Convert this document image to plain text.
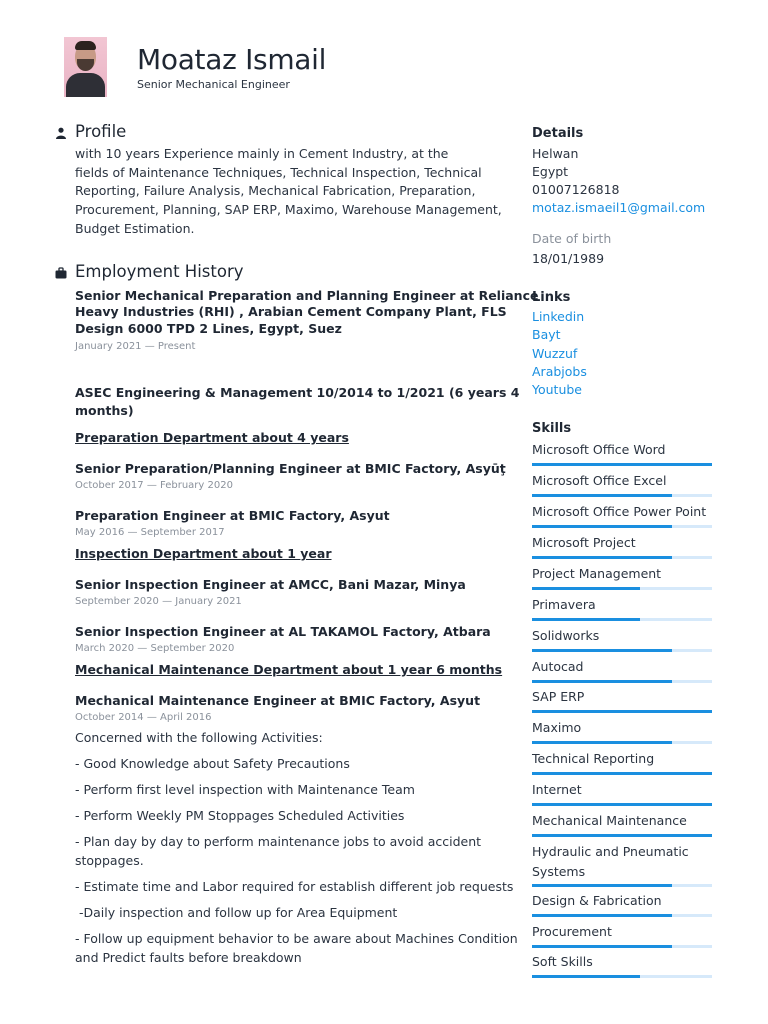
Moataz Ismail
Senior Mechanical Engineer
Profile
with 10 years Experience mainly in Cement Industry, at the
fields of Maintenance Techniques, Technical Inspection, Technical
Reporting, Failure Analysis, Mechanical Fabrication, Preparation,
Procurement, Planning, SAP ERP, Maximo, Warehouse Management,
Budget Estimation.
Employment History
Senior Mechanical Preparation and Planning Engineer at Reliance
Heavy Industries (RHI) , Arabian Cement Company Plant, FLS
Design 6000 TPD 2 Lines, Egypt, Suez
January 2021 — Present
ASEC Engineering & Management 10/2014 to 1/2021 (6 years 4
months)
Preparation Department about 4 years
Senior Preparation/Planning Engineer at BMIC Factory, Asyūţ
October 2017 — February 2020
Preparation Engineer at BMIC Factory, Asyut
May 2016 — September 2017
Inspection Department about 1 year
Senior Inspection Engineer at AMCC, Bani Mazar, Minya
September 2020 — January 2021
Senior Inspection Engineer at AL TAKAMOL Factory, Atbara
March 2020 — September 2020
Mechanical Maintenance Department about 1 year 6 months
Mechanical Maintenance Engineer at BMIC Factory, Asyut
October 2014 — April 2016
Concerned with the following Activities:
- Good Knowledge about Safety Precautions
- Perform first level inspection with Maintenance Team
- Perform Weekly PM Stoppages Scheduled Activities
- Plan day by day to perform maintenance jobs to avoid accident
stoppages.
- Estimate time and Labor required for establish different job requests
-Daily inspection and follow up for Area Equipment
- Follow up equipment behavior to be aware about Machines Condition
and Predict faults before breakdown
Details
Helwan
Egypt
01007126818
motaz.ismaeil1@gmail.com
Date of birth
18/01/1989
Links
Linkedin
Bayt
Wuzzuf
Arabjobs
Youtube
Skills
Microsoft Office Word
Microsoft Office Excel
Microsoft Office Power Point
Microsoft Project
Project Management
Primavera
Solidworks
Autocad
SAP ERP
Maximo
Technical Reporting
Internet
Mechanical Maintenance
Hydraulic and Pneumatic
Systems
Design & Fabrication
Procurement
Soft Skills
